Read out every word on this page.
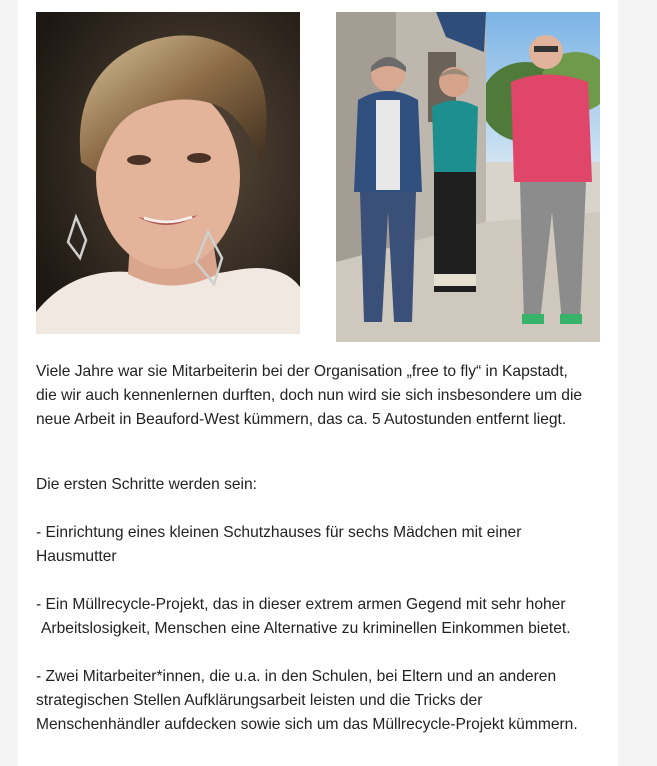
Viele Jahre war sie Mitarbeiterin bei der Organisation „free to fly“ in Kapstadt,
die wir auch kennenlernen durften, doch nun wird sie sich insbesondere um die
neue Arbeit in Beauford-West kümmern, das ca. 5 Autostunden entfernt liegt.

Die ersten Schritte werden sein:

- Einrichtung eines kleinen Schutzhauses für sechs Mädchen mit einer
Hausmutter

- Ein Müllrecycle-Projekt, das in dieser extrem armen Gegend mit sehr hoher
Arbeitslosigkeit, Menschen eine Alternative zu kriminellen Einkommen bietet.

- Zwei Mitarbeiter*innen, die u.a. in den Schulen, bei Eltern und an anderen
strategischen Stellen Aufklärungsarbeit leisten und die Tricks der
Menschenhändler aufdecken sowie sich um das Müllrecycle-Projekt kümmern.
